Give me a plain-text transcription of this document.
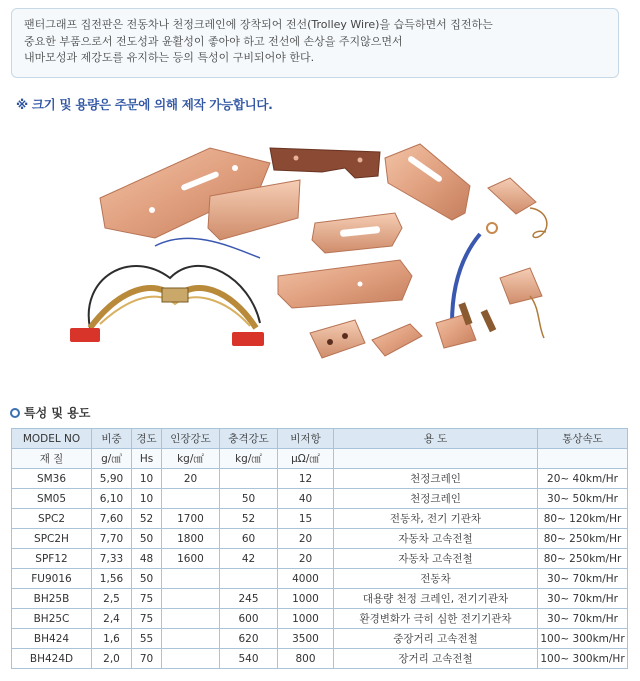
팬터그래프 집전판은 전동차나 천정크레인에 장착되어 전선(Trolley Wire)을 습득하면서 집전하는

중요한 부품으로서 전도성과 윤활성이 좋아야 하고 전선에 손상을 주지않으면서

내마모성과 제강도를 유지하는 등의 특성이 구비되어야 한다.

※ 크기 및 용량은 주문에 의해 제작 가능합니다.
특성 및 용도
MODEL NO	비중	경도	인장강도	충격강도	비저항	용 도	통상속도
재 질	g/㎤	Hs	kg/㎠	kg/㎠	μΩ/㎠		
SM36	5,90	10	20		12	천정크레인	20~ 40km/Hr
SM05	6,10	10		50	40	천정크레인	30~ 50km/Hr
SPC2	7,60	52	1700	52	15	전동차, 전기 기관차	80~ 120km/Hr
SPC2H	7,70	50	1800	60	20	자동차 고속전철	80~ 250km/Hr
SPF12	7,33	48	1600	42	20	자동차 고속전철	80~ 250km/Hr
FU9016	1,56	50			4000	전동차	30~ 70km/Hr
BH25B	2,5	75		245	1000	대용량 천정 크레인, 전기기관차	30~ 70km/Hr
BH25C	2,4	75		600	1000	환경변화가 극히 심한 전기기관차	30~ 70km/Hr
BH424	1,6	55		620	3500	중장거리 고속전철	100~ 300km/Hr
BH424D	2,0	70		540	800	장거리 고속전철	100~ 300km/Hr
